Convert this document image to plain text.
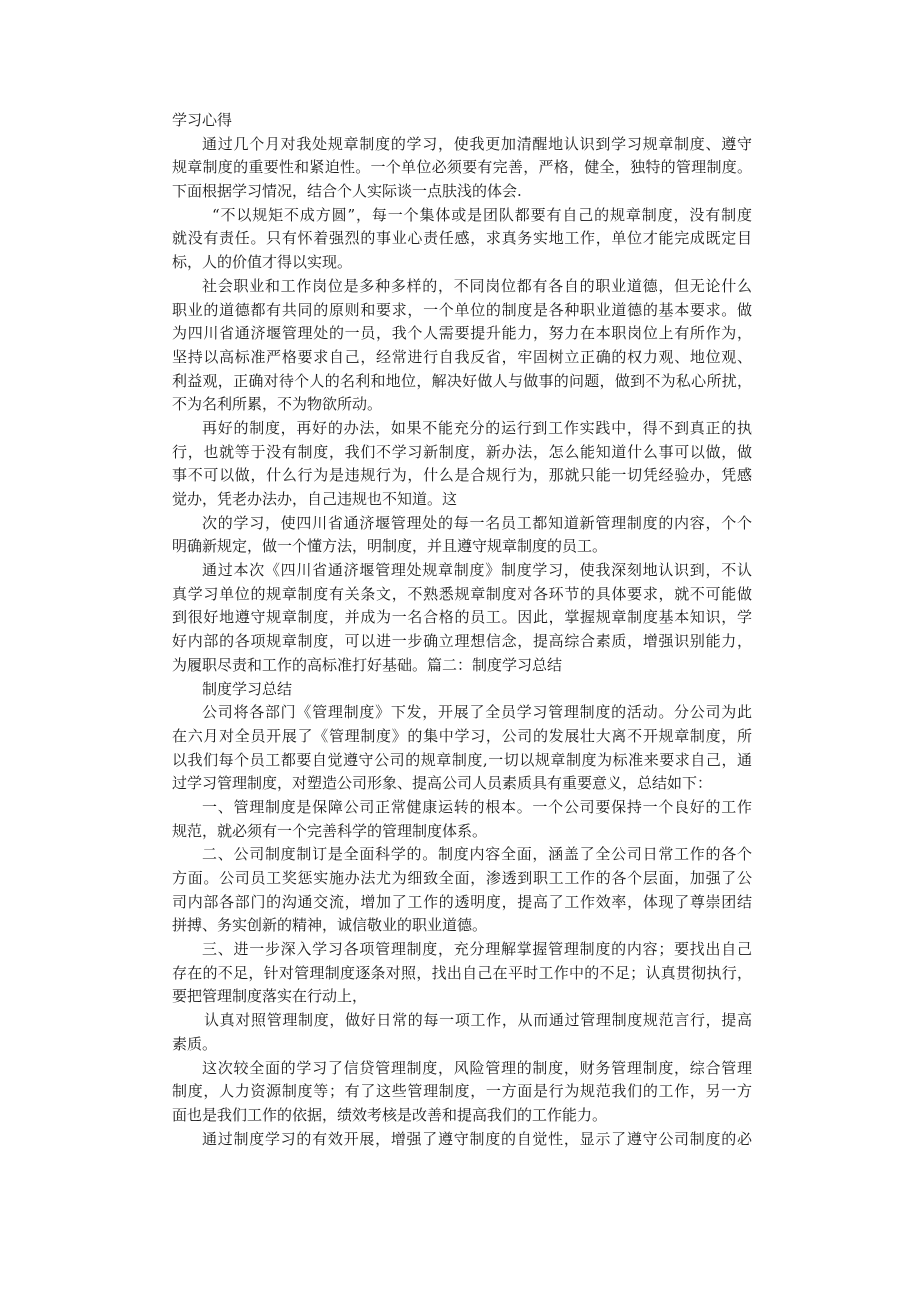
学习心得
通过几个月对我处规章制度的学习，使我更加清醒地认识到学习规章制度、遵守
规章制度的重要性和紧迫性。一个单位必须要有完善，严格，健全，独特的管理制度。
下面根据学习情况，结合个人实际谈一点肤浅的体会.
“不以规矩不成方圆”，每一个集体或是团队都要有自己的规章制度，没有制度
就没有责任。只有怀着强烈的事业心责任感，求真务实地工作，单位才能完成既定目
标，人的价值才得以实现。
社会职业和工作岗位是多种多样的，不同岗位都有各自的职业道德，但无论什么
职业的道德都有共同的原则和要求，一个单位的制度是各种职业道德的基本要求。做
为四川省通济堰管理处的一员，我个人需要提升能力，努力在本职岗位上有所作为，
坚持以高标准严格要求自己，经常进行自我反省，牢固树立正确的权力观、地位观、
利益观，正确对待个人的名利和地位，解决好做人与做事的问题，做到不为私心所扰，
不为名利所累，不为物欲所动。
再好的制度，再好的办法，如果不能充分的运行到工作实践中，得不到真正的执
行，也就等于没有制度，我们不学习新制度，新办法，怎么能知道什么事可以做，做
事不可以做，什么行为是违规行为，什么是合规行为，那就只能一切凭经验办，凭感
觉办，凭老办法办，自己违规也不知道。这
次的学习，使四川省通济堰管理处的每一名员工都知道新管理制度的内容，个个
明确新规定，做一个懂方法，明制度，并且遵守规章制度的员工。
通过本次《四川省通济堰管理处规章制度》制度学习，使我深刻地认识到，不认
真学习单位的规章制度有关条文，不熟悉规章制度对各环节的具体要求，就不可能做
到很好地遵守规章制度，并成为一名合格的员工。因此，掌握规章制度基本知识，学
好内部的各项规章制度，可以进一步确立理想信念，提高综合素质，增强识别能力，
为履职尽责和工作的高标准打好基础。篇二：制度学习总结
制度学习总结
公司将各部门《管理制度》下发，开展了全员学习管理制度的活动。分公司为此
在六月对全员开展了《管理制度》的集中学习，公司的发展壮大离不开规章制度，所
以我们每个员工都要自觉遵守公司的规章制度,一切以规章制度为标准来要求自己，通
过学习管理制度，对塑造公司形象、提高公司人员素质具有重要意义，总结如下：
一、管理制度是保障公司正常健康运转的根本。一个公司要保持一个良好的工作
规范，就必须有一个完善科学的管理制度体系。
二、公司制度制订是全面科学的。制度内容全面，涵盖了全公司日常工作的各个
方面。公司员工奖惩实施办法尤为细致全面，渗透到职工工作的各个层面，加强了公
司内部各部门的沟通交流，增加了工作的透明度，提高了工作效率，体现了尊崇团结
拼搏、务实创新的精神，诚信敬业的职业道德。
三、进一步深入学习各项管理制度，充分理解掌握管理制度的内容；要找出自己
存在的不足，针对管理制度逐条对照，找出自己在平时工作中的不足；认真贯彻执行，
要把管理制度落实在行动上，
认真对照管理制度，做好日常的每一项工作，从而通过管理制度规范言行，提高
素质。
这次较全面的学习了信贷管理制度，风险管理的制度，财务管理制度，综合管理
制度，人力资源制度等；有了这些管理制度，一方面是行为规范我们的工作，另一方
面也是我们工作的依据，绩效考核是改善和提高我们的工作能力。
通过制度学习的有效开展，增强了遵守制度的自觉性，显示了遵守公司制度的必
